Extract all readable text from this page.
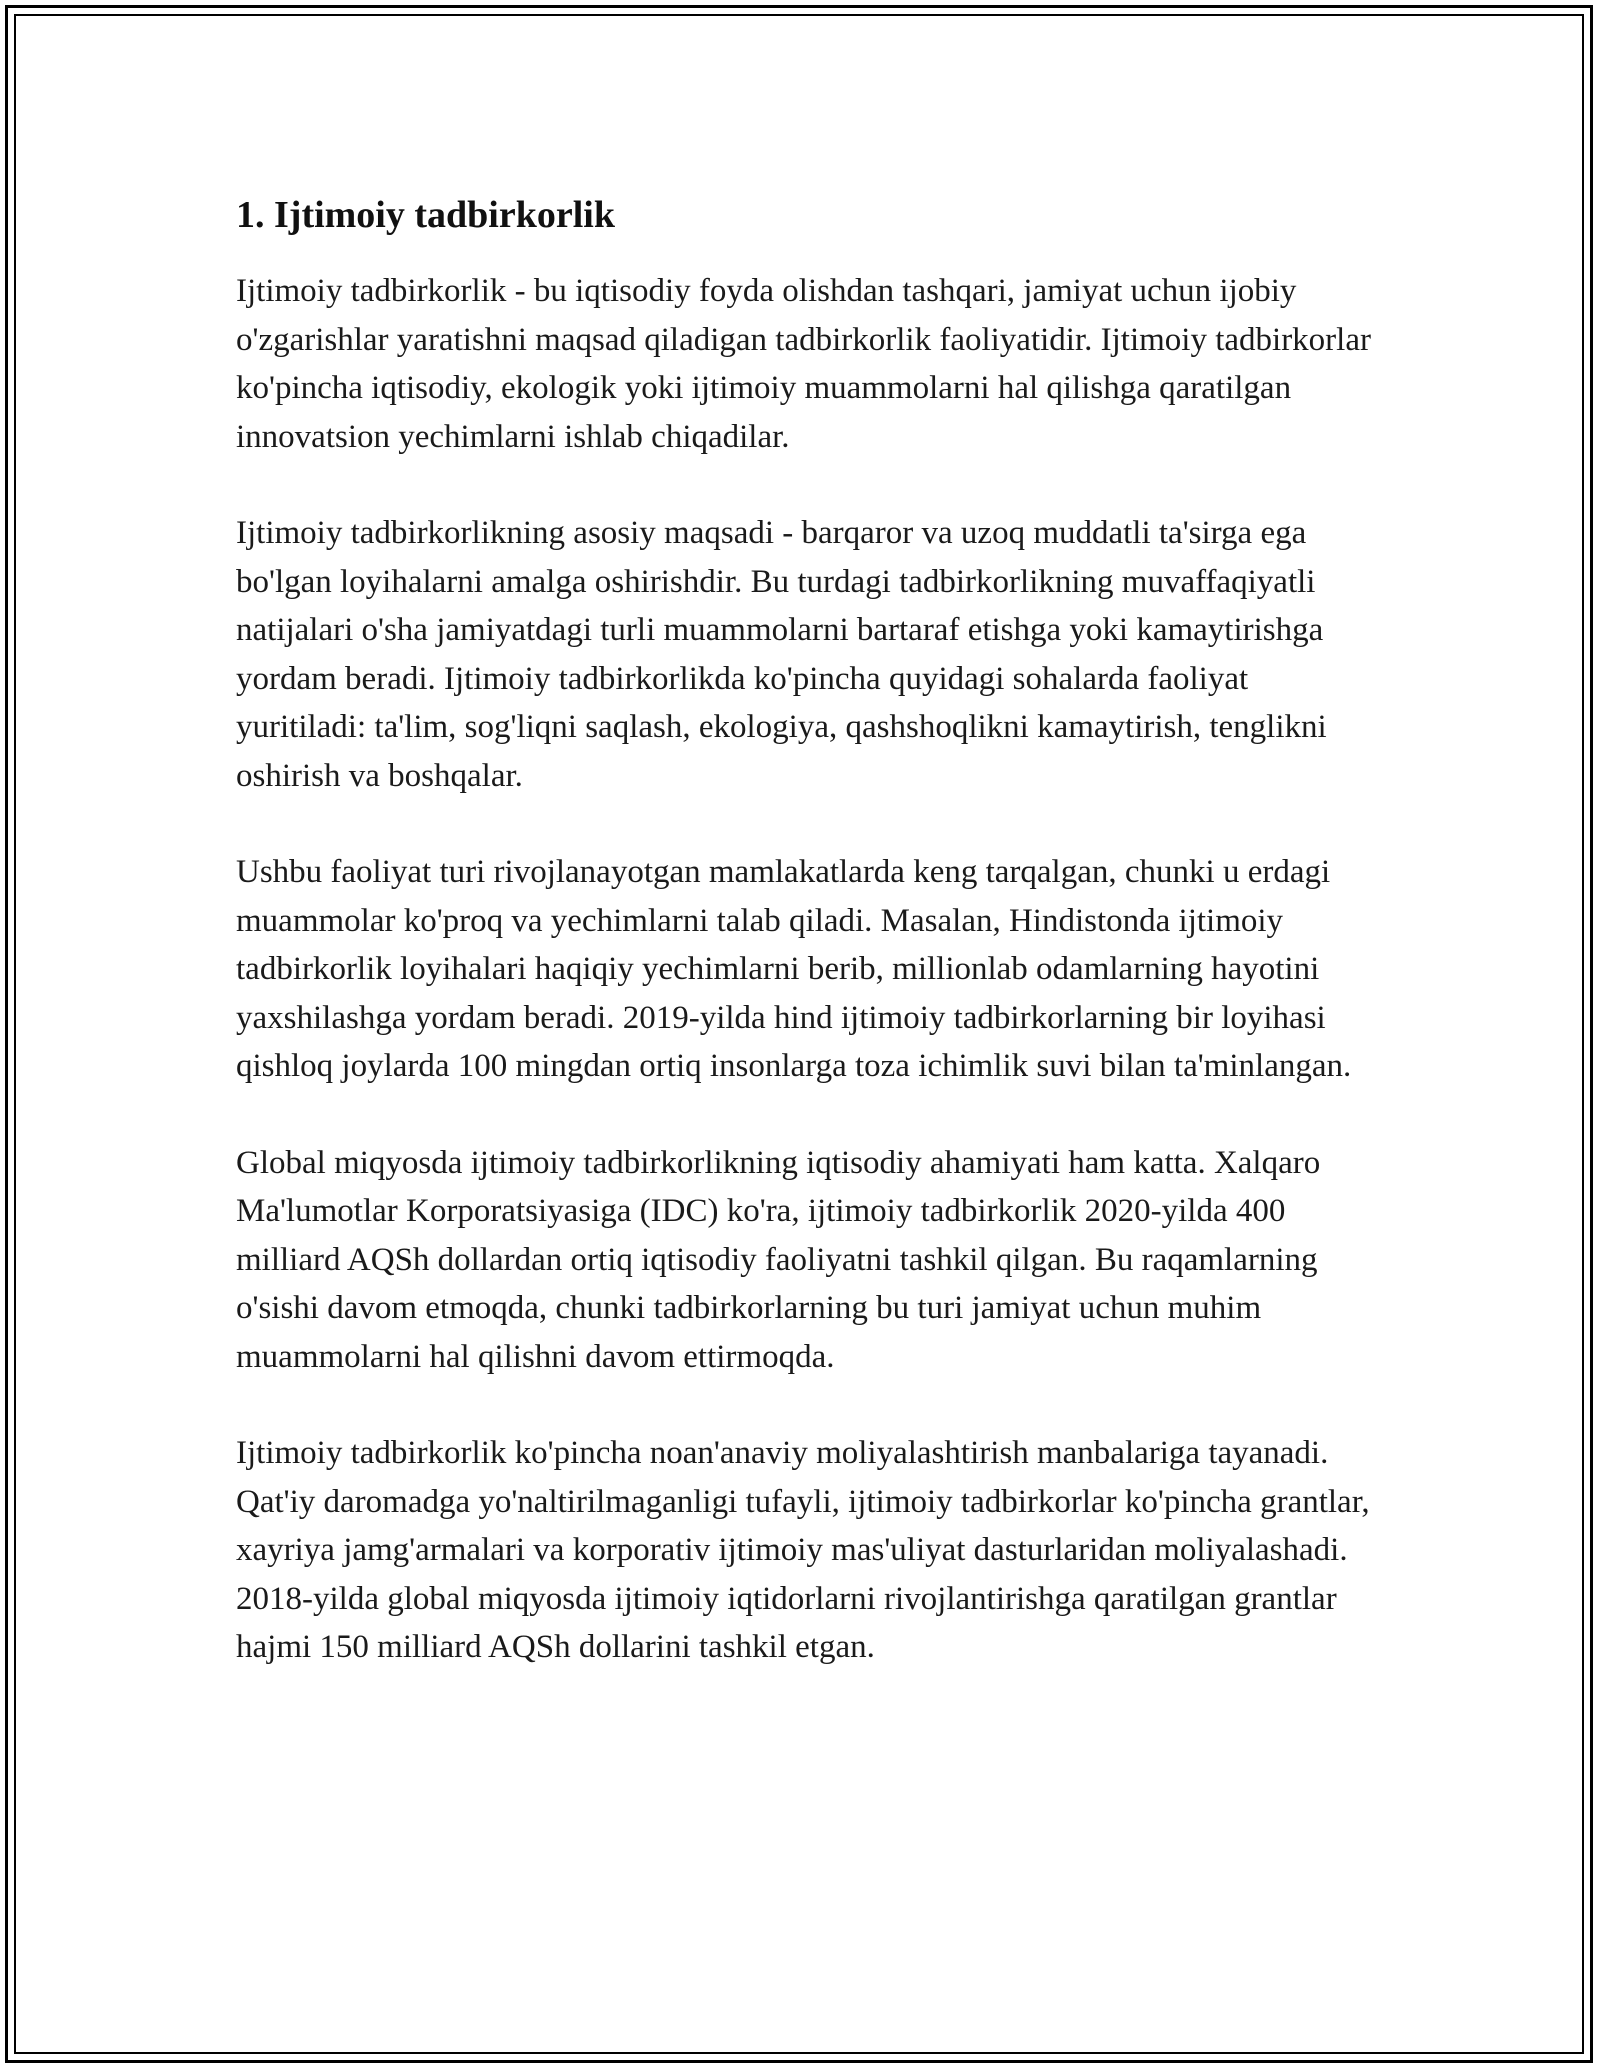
1. Ijtimoiy tadbirkorlik

Ijtimoiy tadbirkorlik - bu iqtisodiy foyda olishdan tashqari, jamiyat uchun ijobiy o'zgarishlar yaratishni maqsad qiladigan tadbirkorlik faoliyatidir. Ijtimoiy tadbirkorlar ko'pincha iqtisodiy, ekologik yoki ijtimoiy muammolarni hal qilishga qaratilgan innovatsion yechimlarni ishlab chiqadilar.

Ijtimoiy tadbirkorlikning asosiy maqsadi - barqaror va uzoq muddatli ta'sirga ega bo'lgan loyihalarni amalga oshirishdir. Bu turdagi tadbirkorlikning muvaffaqiyatli natijalari o'sha jamiyatdagi turli muammolarni bartaraf etishga yoki kamaytirishga yordam beradi. Ijtimoiy tadbirkorlikda ko'pincha quyidagi sohalarda faoliyat yuritiladi: ta'lim, sog'liqni saqlash, ekologiya, qashshoqlikni kamaytirish, tenglikni oshirish va boshqalar.

Ushbu faoliyat turi rivojlanayotgan mamlakatlarda keng tarqalgan, chunki u erdagi muammolar ko'proq va yechimlarni talab qiladi. Masalan, Hindistonda ijtimoiy tadbirkorlik loyihalari haqiqiy yechimlarni berib, millionlab odamlarning hayotini yaxshilashga yordam beradi. 2019-yilda hind ijtimoiy tadbirkorlarning bir loyihasi qishloq joylarda 100 mingdan ortiq insonlarga toza ichimlik suvi bilan ta'minlangan.

Global miqyosda ijtimoiy tadbirkorlikning iqtisodiy ahamiyati ham katta. Xalqaro Ma'lumotlar Korporatsiyasiga (IDC) ko'ra, ijtimoiy tadbirkorlik 2020-yilda 400 milliard AQSh dollardan ortiq iqtisodiy faoliyatni tashkil qilgan. Bu raqamlarning o'sishi davom etmoqda, chunki tadbirkorlarning bu turi jamiyat uchun muhim muammolarni hal qilishni davom ettirmoqda.

Ijtimoiy tadbirkorlik ko'pincha noan'anaviy moliyalashtirish manbalariga tayanadi. Qat'iy daromadga yo'naltirilmaganligi tufayli, ijtimoiy tadbirkorlar ko'pincha grantlar, xayriya jamg'armalari va korporativ ijtimoiy mas'uliyat dasturlaridan moliyalashadi. 2018-yilda global miqyosda ijtimoiy iqtidorlarni rivojlantirishga qaratilgan grantlar hajmi 150 milliard AQSh dollarini tashkil etgan.
